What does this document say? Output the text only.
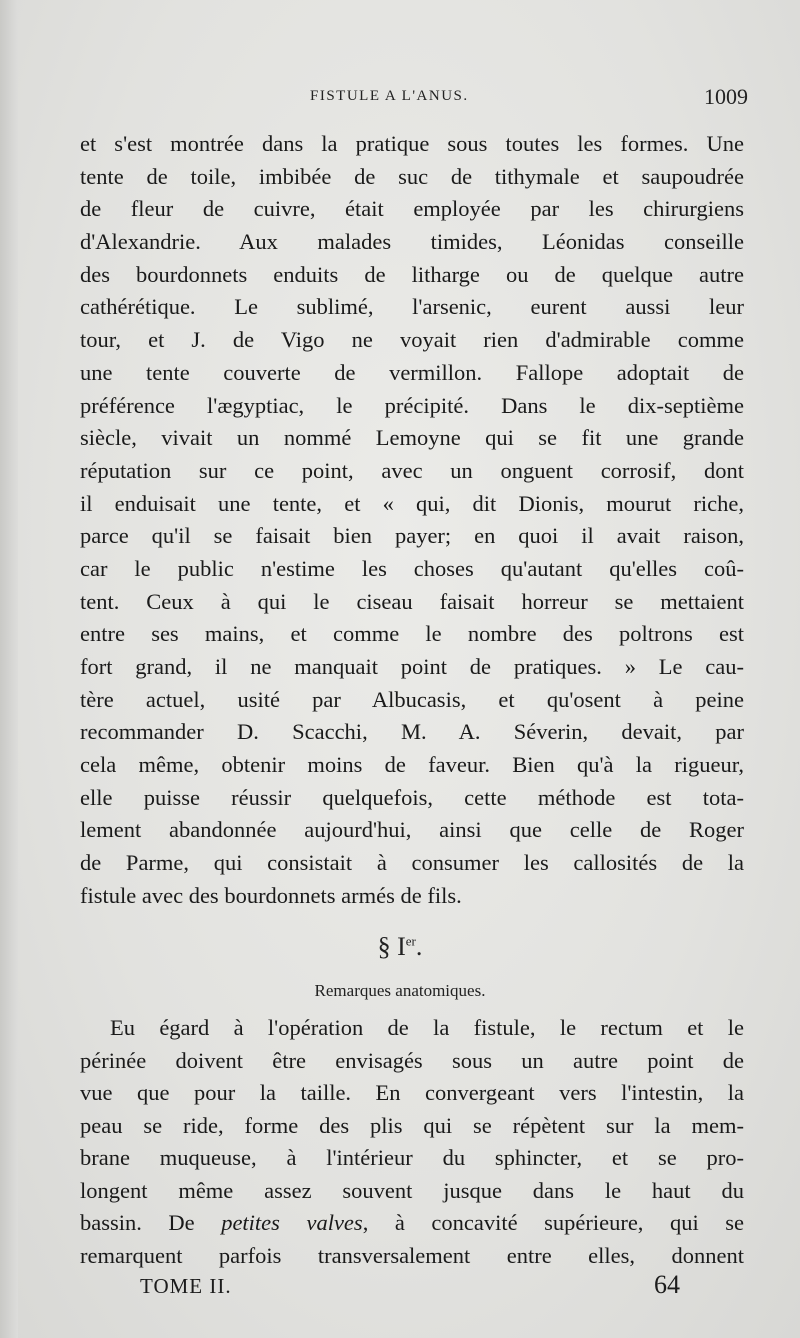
FISTULE A L'ANUS.	1009
et s'est montrée dans la pratique sous toutes les formes. Une
tente de toile, imbibée de suc de tithymale et saupoudrée
de fleur de cuivre, était employée par les chirurgiens
d'Alexandrie. Aux malades timides, Léonidas conseille
des bourdonnets enduits de litharge ou de quelque autre
cathérétique. Le sublimé, l'arsenic, eurent aussi leur
tour, et J. de Vigo ne voyait rien d'admirable comme
une tente couverte de vermillon. Fallope adoptait de
préférence l'ægyptiac, le précipité. Dans le dix-septième
siècle, vivait un nommé Lemoyne qui se fit une grande
réputation sur ce point, avec un onguent corrosif, dont
il enduisait une tente, et « qui, dit Dionis, mourut riche,
parce qu'il se faisait bien payer; en quoi il avait raison,
car le public n'estime les choses qu'autant qu'elles coû-
tent. Ceux à qui le ciseau faisait horreur se mettaient
entre ses mains, et comme le nombre des poltrons est
fort grand, il ne manquait point de pratiques. » Le cau-
tère actuel, usité par Albucasis, et qu'osent à peine
recommander D. Scacchi, M. A. Séverin, devait, par
cela même, obtenir moins de faveur. Bien qu'à la rigueur,
elle puisse réussir quelquefois, cette méthode est tota-
lement abandonnée aujourd'hui, ainsi que celle de Roger
de Parme, qui consistait à consumer les callosités de la
fistule avec des bourdonnets armés de fils.
§ Ier.
Remarques anatomiques.
Eu égard à l'opération de la fistule, le rectum et le
périnée doivent être envisagés sous un autre point de
vue que pour la taille. En convergeant vers l'intestin, la
peau se ride, forme des plis qui se répètent sur la mem-
brane muqueuse, à l'intérieur du sphincter, et se pro-
longent même assez souvent jusque dans le haut du
bassin. De petites valves, à concavité supérieure, qui se
remarquent parfois transversalement entre elles, donnent
TOME II.	64
